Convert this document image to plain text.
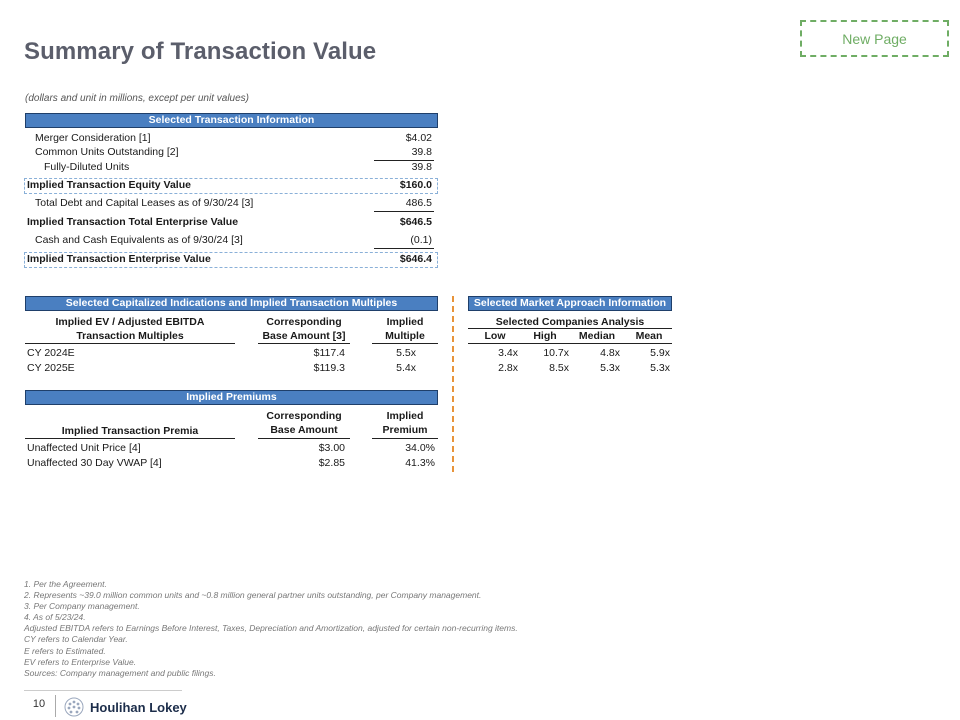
Summary of Transaction Value	New Page
(dollars and unit in millions, except per unit values)
Selected Transaction Information
Merger Consideration [1]	$4.02
Common Units Outstanding [2]	39.8
Fully-Diluted Units	39.8
Implied Transaction Equity Value	$160.0
Total Debt and Capital Leases as of 9/30/24 [3]	486.5
Implied Transaction Total Enterprise Value	$646.5
Cash and Cash Equivalents as of 9/30/24 [3]	(0.1)
Implied Transaction Enterprise Value	$646.4
Selected Capitalized Indications and Implied Transaction Multiples
Implied EV / Adjusted EBITDA
Transaction Multiples
Corresponding
Base Amount [3]
Implied
Multiple
CY 2024E	$117.4	5.5x
CY 2025E	$119.3	5.4x
Selected Market Approach Information
Selected Companies Analysis
Low	High	Median	Mean
3.4x	10.7x	4.8x	5.9x
2.8x	8.5x	5.3x	5.3x
Implied Premiums
Implied Transaction Premia
Corresponding
Base Amount
Implied
Premium
Unaffected Unit Price [4]	$3.00	34.0%
Unaffected 30 Day VWAP [4]	$2.85	41.3%
1. Per the Agreement.
2. Represents ~39.0 million common units and ~0.8 million general partner units outstanding, per Company management.
3. Per Company management.
4. As of 5/23/24.
Adjusted EBITDA refers to Earnings Before Interest, Taxes, Depreciation and Amortization, adjusted for certain non-recurring items.
CY refers to Calendar Year.
E refers to Estimated.
EV refers to Enterprise Value.
Sources: Company management and public filings.
10	Houlihan Lokey
